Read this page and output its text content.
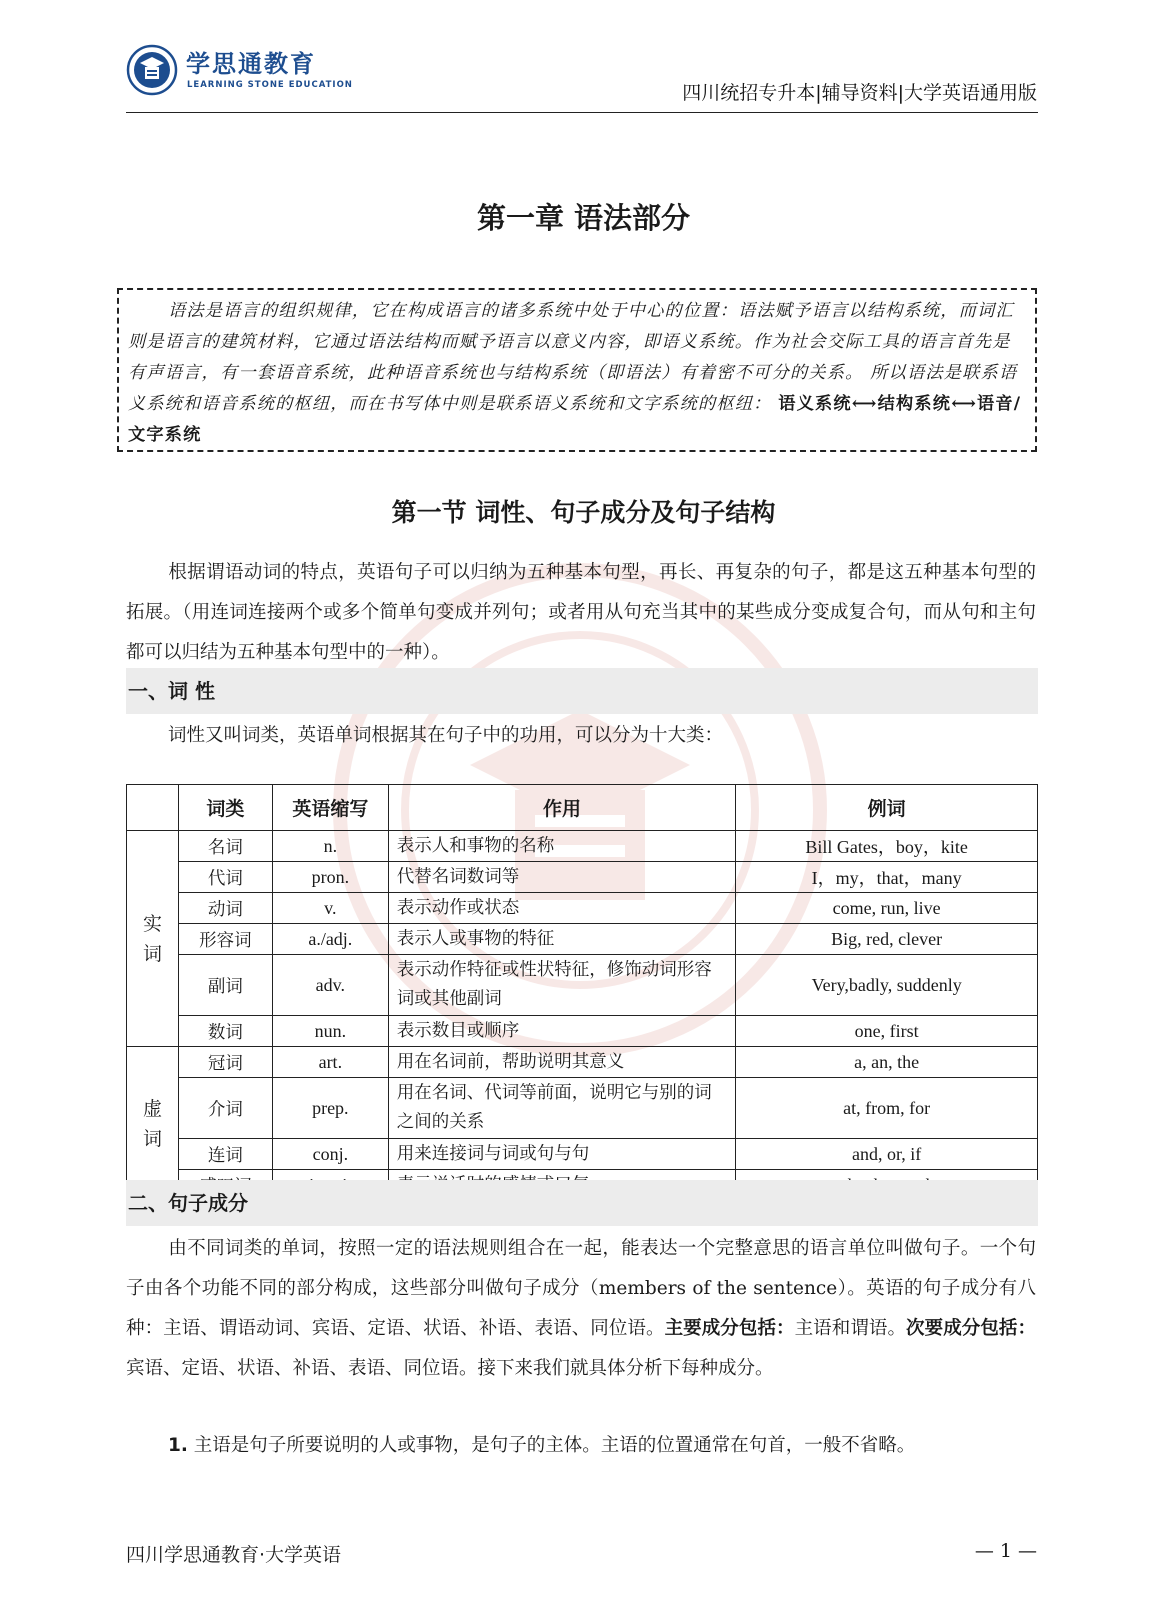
学思通教育
LEARNING STONE EDUCATION	四川统招专升本|辅导资料|大学英语通用版
第一章 语法部分
语法是语言的组织规律，它在构成语言的诸多系统中处于中心的位置：语法赋予语言以结构系统，而词汇则是语言的建筑材料，它通过语法结构而赋予语言以意义内容，即语义系统。作为社会交际工具的语言首先是有声语言，有一套语音系统，此种语音系统也与结构系统（即语法）有着密不可分的关系。 所以语法是联系语义系统和语音系统的枢纽，而在书写体中则是联系语义系统和文字系统的枢纽： 语义系统⟷结构系统⟷语音/文字系统
第一节 词性、句子成分及句子结构
根据谓语动词的特点，英语句子可以归纳为五种基本句型，再长、再复杂的句子，都是这五种基本句型的拓展。（用连词连接两个或多个简单句变成并列句；或者用从句充当其中的某些成分变成复合句，而从句和主句都可以归结为五种基本句型中的一种）。
一、词 性
词性又叫词类，英语单词根据其在句子中的功用，可以分为十大类：
	词类	英语缩写	作用	例词
实
词	名词	n.	表示人和事物的名称	Bill Gates，boy，kite
	代词	pron.	代替名词数词等	I，my，that，many
	动词	v.	表示动作或状态	come, run, live
	形容词	a./adj.	表示人或事物的特征	Big, red, clever
	副词	adv.	表示动作特征或性状特征，修饰动词形容词或其他副词	Very,badly, suddenly
	数词	nun.	表示数目或顺序	one, first
虚
词	冠词	art.	用在名词前，帮助说明其意义	a, an, the
	介词	prep.	用在名词、代词等前面，说明它与别的词之间的关系	at, from, for
	连词	conj.	用来连接词与词或句与句	and, or, if

二、句子成分
由不同词类的单词，按照一定的语法规则组合在一起，能表达一个完整意思的语言单位叫做句子。一个句子由各个功能不同的部分构成，这些部分叫做句子成分（members of the sentence）。英语的句子成分有八种：主语、谓语动词、宾语、定语、状语、补语、表语、同位语。主要成分包括：主语和谓语。次要成分包括：宾语、定语、状语、补语、表语、同位语。接下来我们就具体分析下每种成分。
1. 主语是句子所要说明的人或事物，是句子的主体。主语的位置通常在句首，一般不省略。
四川学思通教育·大学英语	— 1 —
